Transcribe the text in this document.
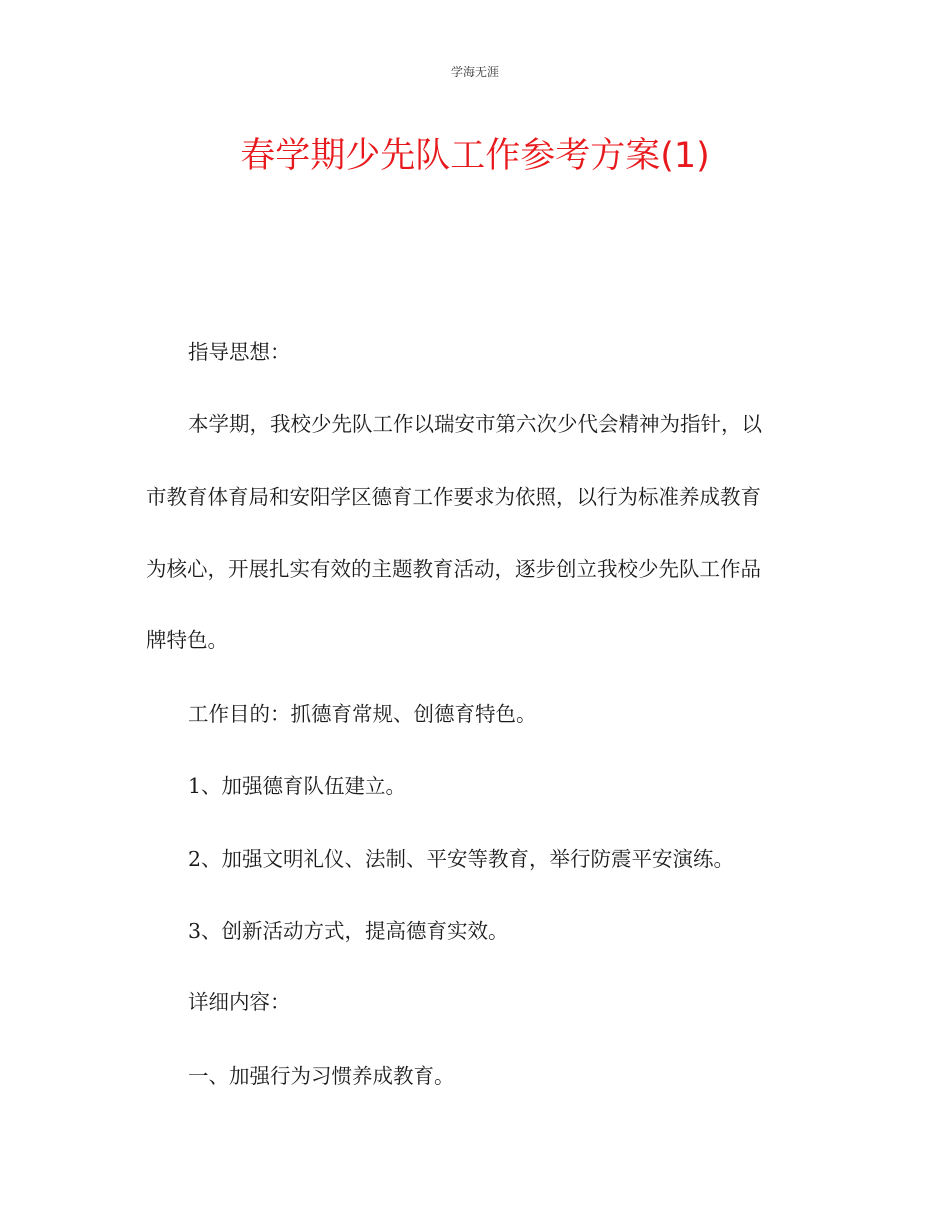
学海无涯
春学期少先队工作参考方案(1)
指导思想：
本学期，我校少先队工作以瑞安市第六次少代会精神为指针，以
市教育体育局和安阳学区德育工作要求为依照，以行为标准养成教育
为核心，开展扎实有效的主题教育活动，逐步创立我校少先队工作品
牌特色。
工作目的：抓德育常规、创德育特色。
1、加强德育队伍建立。
2、加强文明礼仪、法制、平安等教育，举行防震平安演练。
3、创新活动方式，提高德育实效。
详细内容：
一、加强行为习惯养成教育。
